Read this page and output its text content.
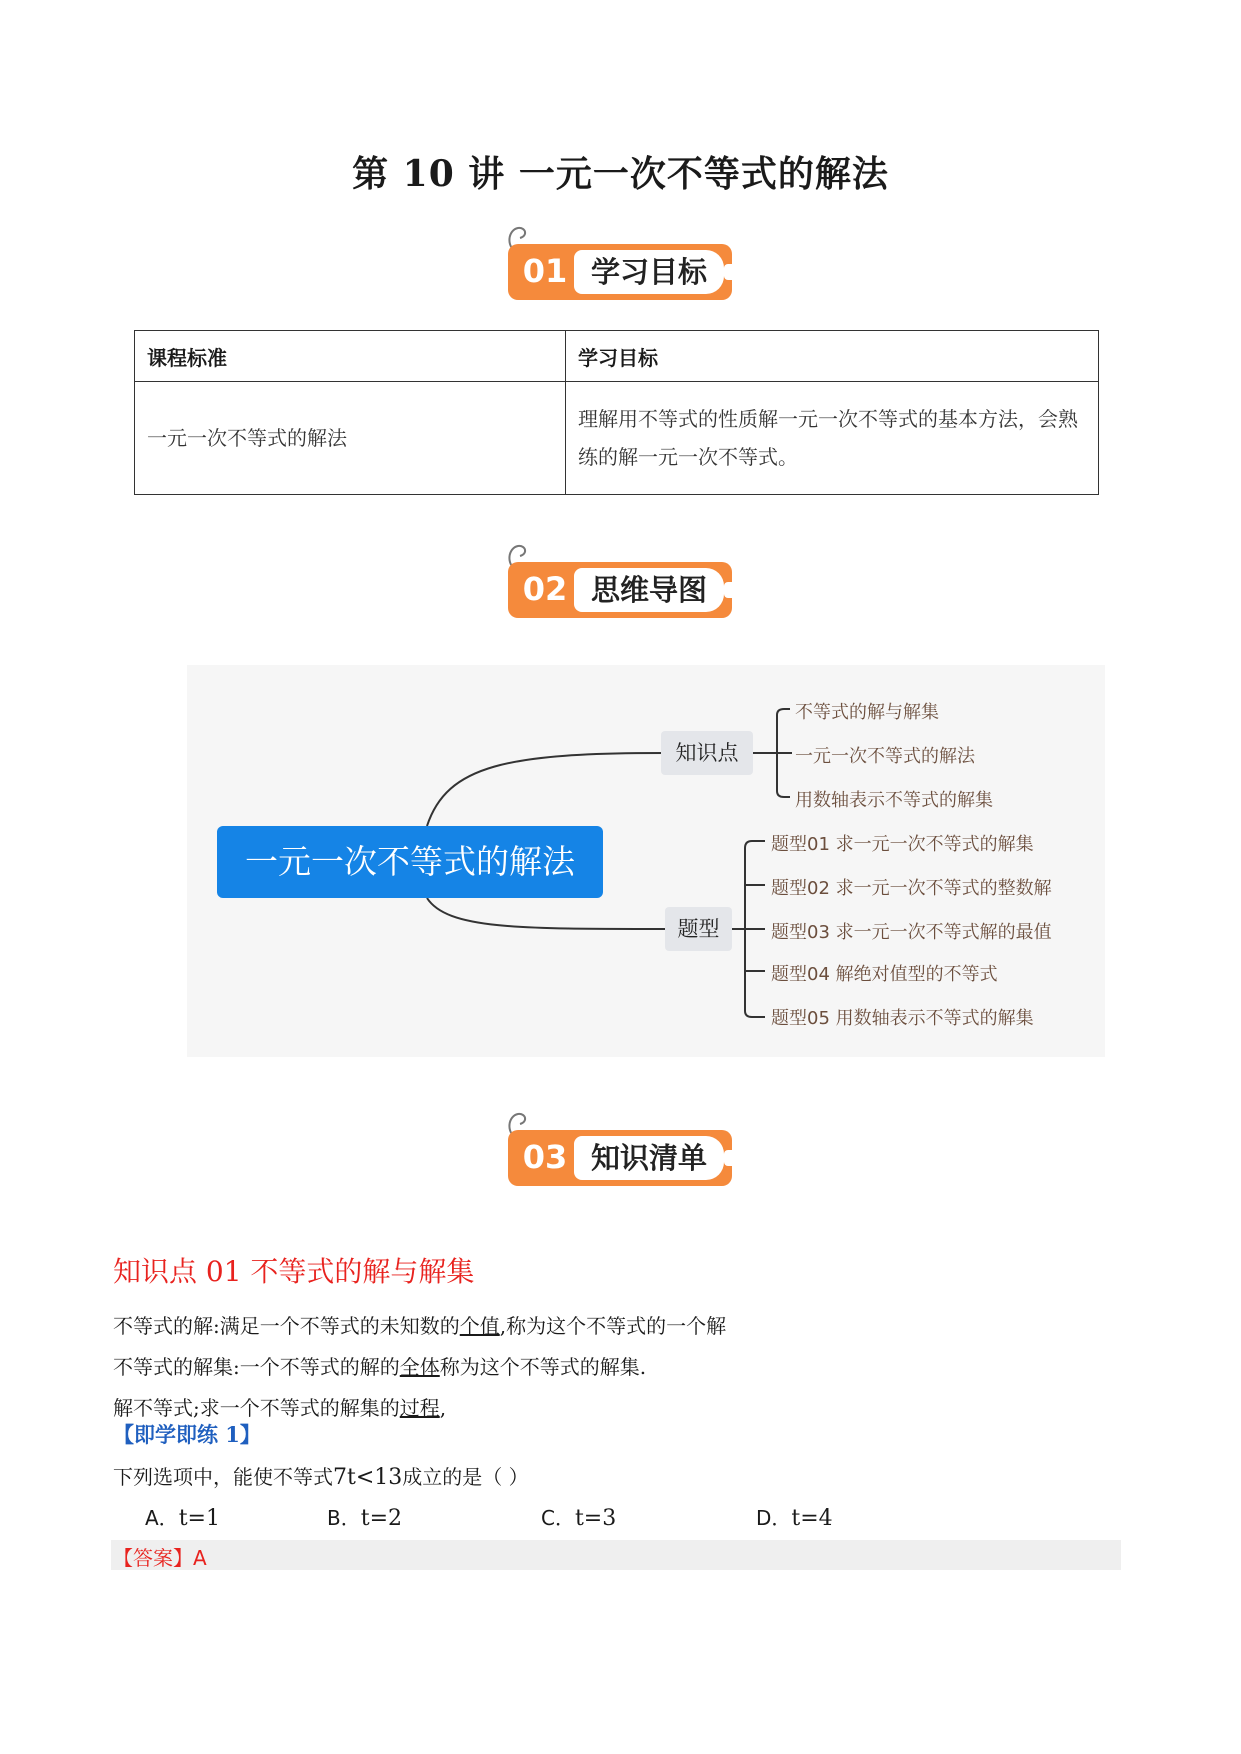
第 10 讲 一元一次不等式的解法
01 学习目标
课程标准	学习目标
一元一次不等式的解法	理解用不等式的性质解一元一次不等式的基本方法，会熟练的解一元一次不等式。
02 思维导图
一元一次不等式的解法
知识点
不等式的解与解集
一元一次不等式的解法
用数轴表示不等式的解集
题型
题型01 求一元一次不等式的解集
题型02 求一元一次不等式的整数解
题型03 求一元一次不等式解的最值
题型04 解绝对值型的不等式
题型05 用数轴表示不等式的解集
03 知识清单
知识点 01 不等式的解与解集
不等式的解:满足一个不等式的未知数的个值,称为这个不等式的一个解
不等式的解集:一个不等式的解的全体称为这个不等式的解集.
解不等式;求一个不等式的解集的过程,
【即学即练 1】
下列选项中，能使不等式7t<13成立的是（ ）
A．t=1	B．t=2	C．t=3	D．t=4
【答案】A
